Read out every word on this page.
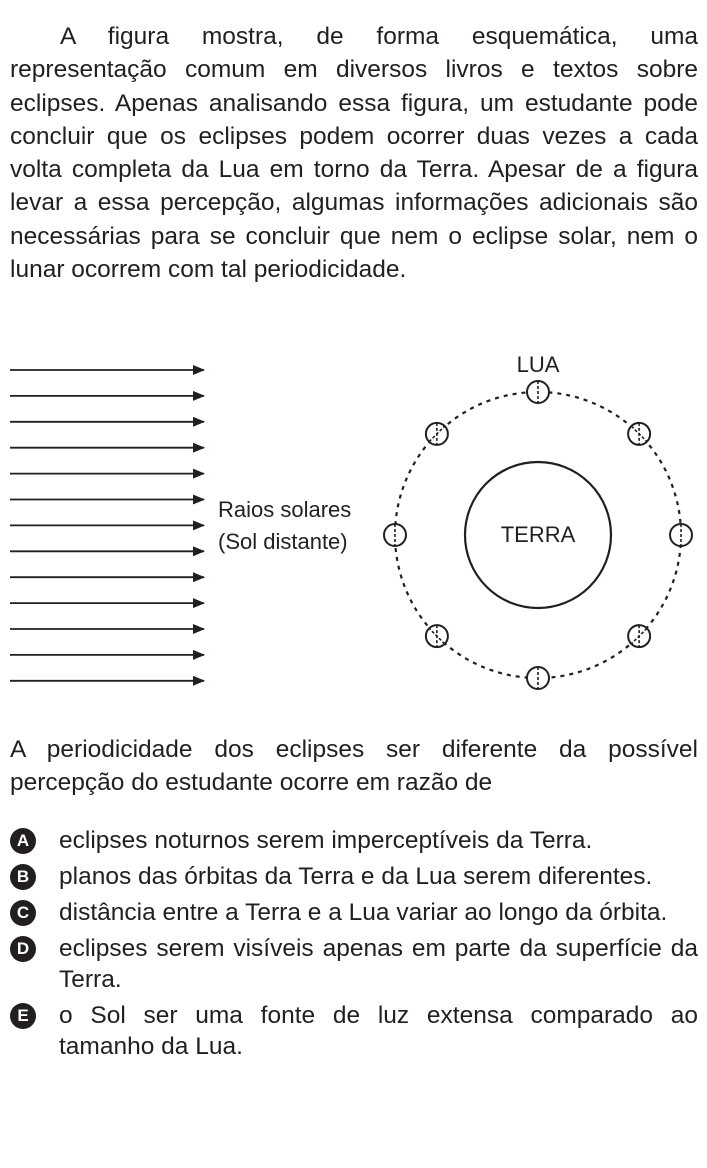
A figura mostra, de forma esquemática, uma representação comum em diversos livros e textos sobre eclipses. Apenas analisando essa figura, um estudante pode concluir que os eclipses podem ocorrer duas vezes a cada volta completa da Lua em torno da Terra. Apesar de a figura levar a essa percepção, algumas informações adicionais são necessárias para se concluir que nem o eclipse solar, nem o lunar ocorrem com tal periodicidade.

Raios solares
(Sol distante)	TERRA
LUA

A periodicidade dos eclipses ser diferente da possível percepção do estudante ocorre em razão de

A eclipses noturnos serem imperceptíveis da Terra.
B planos das órbitas da Terra e da Lua serem diferentes.
C distância entre a Terra e a Lua variar ao longo da órbita.
D eclipses serem visíveis apenas em parte da superfície da Terra.
E o Sol ser uma fonte de luz extensa comparado ao tamanho da Lua.
